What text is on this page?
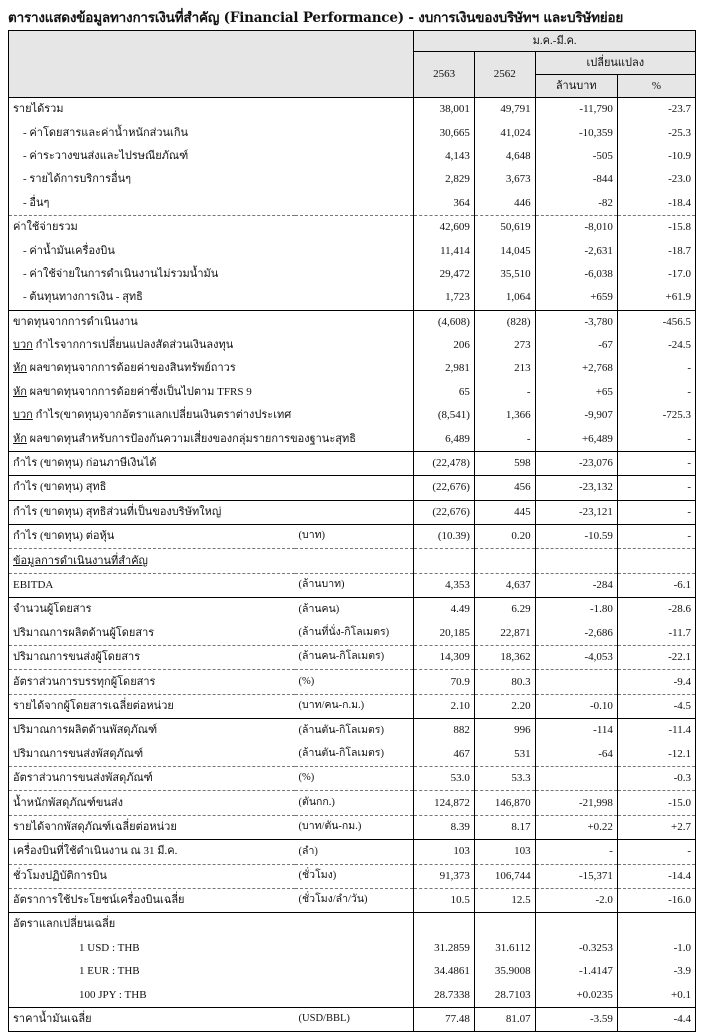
ตารางแสดงข้อมูลทางการเงินที่สำคัญ (Financial Performance) - งบการเงินของบริษัทฯ และบริษัทย่อย
		ม.ค.-มี.ค.			
		2563	2562	เปลี่ยนแปลง	
				ล้านบาท	%
รายได้รวม		38,001	49,791	-11,790	-23.7
- ค่าโดยสารและค่าน้ำหนักส่วนเกิน		30,665	41,024	-10,359	-25.3
- ค่าระวางขนส่งและไปรษณียภัณฑ์		4,143	4,648	-505	-10.9
- รายได้การบริการอื่นๆ		2,829	3,673	-844	-23.0
- อื่นๆ		364	446	-82	-18.4
ค่าใช้จ่ายรวม		42,609	50,619	-8,010	-15.8
- ค่าน้ำมันเครื่องบิน		11,414	14,045	-2,631	-18.7
- ค่าใช้จ่ายในการดำเนินงานไม่รวมน้ำมัน		29,472	35,510	-6,038	-17.0
- ต้นทุนทางการเงิน - สุทธิ		1,723	1,064	+659	+61.9
ขาดทุนจากการดำเนินงาน		(4,608)	(828)	-3,780	-456.5
บวก กำไรจากการเปลี่ยนแปลงสัดส่วนเงินลงทุน		206	273	-67	-24.5
หัก ผลขาดทุนจากการด้อยค่าของสินทรัพย์ถาวร		2,981	213	+2,768	-
หัก ผลขาดทุนจากการด้อยค่าซึ่งเป็นไปตาม TFRS 9		65	-	+65	-
บวก กำไร(ขาดทุน)จากอัตราแลกเปลี่ยนเงินตราต่างประเทศ		(8,541)	1,366	-9,907	-725.3
หัก ผลขาดทุนสำหรับการป้องกันความเสี่ยงของกลุ่มรายการของฐานะสุทธิ		6,489	-	+6,489	-
กำไร (ขาดทุน) ก่อนภาษีเงินได้		(22,478)	598	-23,076	-
กำไร (ขาดทุน) สุทธิ		(22,676)	456	-23,132	-
กำไร (ขาดทุน) สุทธิส่วนที่เป็นของบริษัทใหญ่		(22,676)	445	-23,121	-
กำไร (ขาดทุน) ต่อหุ้น	(บาท)	(10.39)	0.20	-10.59	-
ข้อมูลการดำเนินงานที่สำคัญ					
EBITDA	(ล้านบาท)	4,353	4,637	-284	-6.1
จำนวนผู้โดยสาร	(ล้านคน)	4.49	6.29	-1.80	-28.6
ปริมาณการผลิตด้านผู้โดยสาร	(ล้านที่นั่ง-กิโลเมตร)	20,185	22,871	-2,686	-11.7
ปริมาณการขนส่งผู้โดยสาร	(ล้านคน-กิโลเมตร)	14,309	18,362	-4,053	-22.1
อัตราส่วนการบรรทุกผู้โดยสาร	(%)	70.9	80.3		-9.4
รายได้จากผู้โดยสารเฉลี่ยต่อหน่วย	(บาท/คน-ก.ม.)	2.10	2.20	-0.10	-4.5
ปริมาณการผลิตด้านพัสดุภัณฑ์	(ล้านตัน-กิโลเมตร)	882	996	-114	-11.4
ปริมาณการขนส่งพัสดุภัณฑ์	(ล้านตัน-กิโลเมตร)	467	531	-64	-12.1
อัตราส่วนการขนส่งพัสดุภัณฑ์	(%)	53.0	53.3		-0.3
น้ำหนักพัสดุภัณฑ์ขนส่ง	(ตันกก.)	124,872	146,870	-21,998	-15.0
รายได้จากพัสดุภัณฑ์เฉลี่ยต่อหน่วย	(บาท/ตัน-กม.)	8.39	8.17	+0.22	+2.7
เครื่องบินที่ใช้ดำเนินงาน ณ 31 มี.ค.	(ลำ)	103	103	-	-
ชั่วโมงปฏิบัติการบิน	(ชั่วโมง)	91,373	106,744	-15,371	-14.4
อัตราการใช้ประโยชน์เครื่องบินเฉลี่ย	(ชั่วโมง/ลำ/วัน)	10.5	12.5	-2.0	-16.0
อัตราแลกเปลี่ยนเฉลี่ย					
1 USD : THB		31.2859	31.6112	-0.3253	-1.0
1 EUR : THB		34.4861	35.9008	-1.4147	-3.9
100 JPY : THB		28.7338	28.7103	+0.0235	+0.1
ราคาน้ำมันเฉลี่ย	(USD/BBL)	77.48	81.07	-3.59	-4.4
